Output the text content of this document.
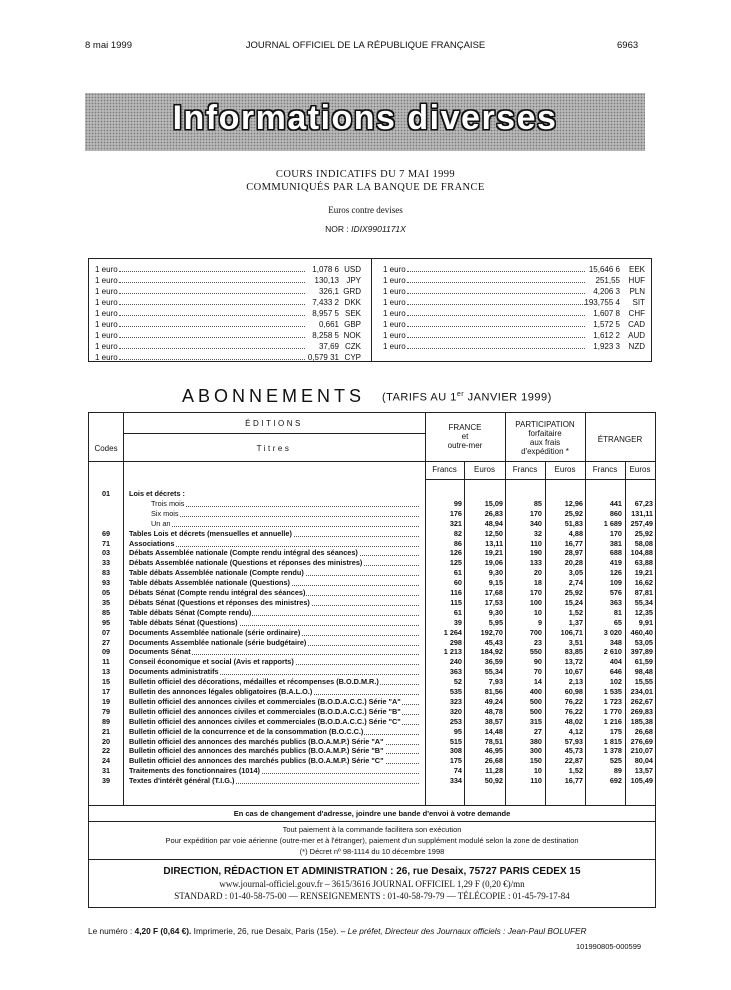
8 mai 1999	JOURNAL OFFICIEL DE LA RÉPUBLIQUE FRANÇAISE	6963
Informations diverses
COURS INDICATIFS DU 7 MAI 1999
COMMUNIQUÉS PAR LA BANQUE DE FRANCE
Euros contre devises
NOR : IDIX9901171X
1 euro	1,078 6 USD
1 euro	130,13 JPY
1 euro	326,1 GRD
1 euro	7,433 2 DKK
1 euro	8,957 5 SEK
1 euro	0,661 GBP
1 euro	8,258 5 NOK
1 euro	37,69 CZK
1 euro	0,579 31 CYP
1 euro	15,646 6 EEK
1 euro	251,55 HUF
1 euro	4,206 3 PLN
1 euro	193,755 4 SIT
1 euro	1,607 8 CHF
1 euro	1,572 5 CAD
1 euro	1,612 2 AUD
1 euro	1,923 3 NZD
ABONNEMENTS (TARIFS AU 1er JANVIER 1999)
ÉDITIONS
Codes	Titres
FRANCE
et
outre-mer
PARTICIPATION
forfaitaire
aux frais
d'expédition *
ÉTRANGER
Francs	Euros	Francs	Euros	Francs	Euros
01	Lois et décrets :
Trois mois	99	15,09	85	12,96	441 67,23
Six mois	176	26,83	170	25,92	860 131,11
Un an	321	48,94	340	51,83	1 689 257,49
69	Tables Lois et décrets (mensuelles et annuelle)	82	12,50	32	4,88	170 25,92
71	Associations	86	13,11	110	16,77	381 58,08
03	Débats Assemblée nationale (Compte rendu intégral des séances)	126	19,21	190	28,97	688 104,88
33	Débats Assemblée nationale (Questions et réponses des ministres)	125	19,06	133	20,28	419 63,88
83	Table débats Assemblée nationale (Compte rendu)	61	9,30	20	3,05	126 19,21
93	Table débats Assemblée nationale (Questions)	60	9,15	18	2,74	109 16,62
05	Débats Sénat (Compte rendu intégral des séances)	116	17,68	170	25,92	576 87,81
35	Débats Sénat (Questions et réponses des ministres)	115	17,53	100	15,24	363 55,34
85	Table débats Sénat (Compte rendu)	61	9,30	10	1,52	81 12,35
95	Table débats Sénat (Questions)	39	5,95	9	1,37	65 9,91
07	Documents Assemblée nationale (série ordinaire)	1 264	192,70	700	106,71	3 020 460,40
27	Documents Assemblée nationale (série budgétaire)	298	45,43	23	3,51	348 53,05
09	Documents Sénat	1 213	184,92	550	83,85	2 610 397,89
11	Conseil économique et social (Avis et rapports)	240	36,59	90	13,72	404 61,59
13	Documents administratifs	363	55,34	70	10,67	646 98,48
15	Bulletin officiel des décorations, médailles et récompenses (B.O.D.M.R.)	52	7,93	14	2,13	102 15,55
17	Bulletin des annonces légales obligatoires (B.A.L.O.)	535	81,56	400	60,98	1 535 234,01
19	Bulletin officiel des annonces civiles et commerciales (B.O.D.A.C.C.) Série "A"	323	49,24	500	76,22	1 723 262,67
79	Bulletin officiel des annonces civiles et commerciales (B.O.D.A.C.C.) Série "B"	320	48,78	500	76,22	1 770 269,83
89	Bulletin officiel des annonces civiles et commerciales (B.O.D.A.C.C.) Série "C"	253	38,57	315	48,02	1 216 185,38
21	Bulletin officiel de la concurrence et de la consommation (B.O.C.C.)	95	14,48	27	4,12	175 26,68
20	Bulletin officiel des annonces des marchés publics (B.O.A.M.P.) Série "A"	515	78,51	380	57,93	1 815 276,69
22	Bulletin officiel des annonces des marchés publics (B.O.A.M.P.) Série "B"	308	46,95	300	45,73	1 378 210,07
24	Bulletin officiel des annonces des marchés publics (B.O.A.M.P.) Série "C"	175	26,68	150	22,87	525 80,04
31	Traitements des fonctionnaires (1014)	74	11,28	10	1,52	89 13,57
39	Textes d'intérêt général (T.I.G.)	334	50,92	110	16,77	692 105,49
En cas de changement d'adresse, joindre une bande d'envoi à votre demande
Tout paiement à la commande facilitera son exécution
Pour expédition par voie aérienne (outre-mer et à l'étranger), paiement d'un supplément modulé selon la zone de destination
(*) Décret nº 98-1114 du 10 décembre 1998
DIRECTION, RÉDACTION ET ADMINISTRATION : 26, rue Desaix, 75727 PARIS CEDEX 15
www.journal-officiel.gouv.fr – 3615/3616 JOURNAL OFFICIEL 1,29 F (0,20 €)/mn
STANDARD : 01-40-58-75-00 — RENSEIGNEMENTS : 01-40-58-79-79 — TÉLÉCOPIE : 01-45-79-17-84
Le numéro : 4,20 F (0,64 €). Imprimerie, 26, rue Desaix, Paris (15e). – Le préfet, Directeur des Journaux officiels : Jean-Paul BOLUFER
101990805-000599
